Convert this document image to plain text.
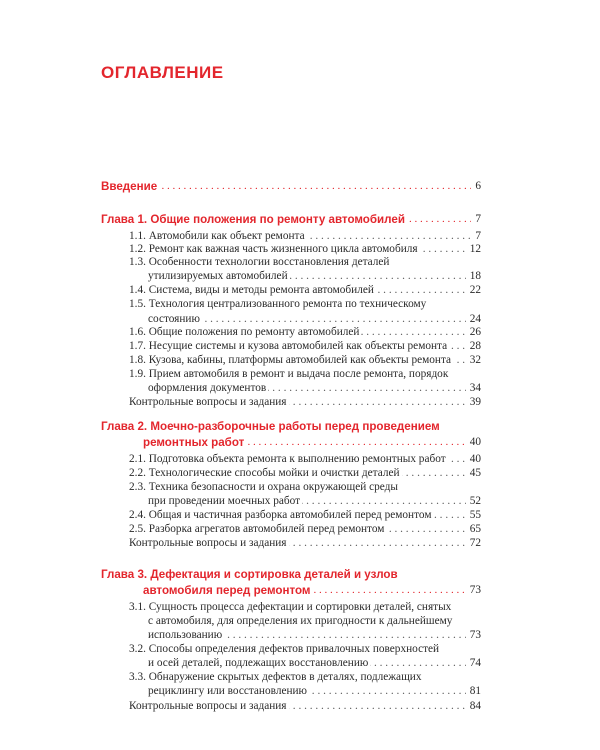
ОГЛАВЛЕНИЕ
Введение	6
. . .
Глава 1. Общие положения по ремонту автомобилей	7
. . .
1.1. Автомобили как объект ремонта	7
. . .
1.2. Ремонт как важная часть жизненного цикла автомобиля	12
. . .
1.3. Особенности технологии восстановления деталей
утилизируемых автомобилей	18
. . .
1.4. Система, виды и методы ремонта автомобилей	22
. . .
1.5. Технология централизованного ремонта по техническому
состоянию	24
. . .
1.6. Общие положения по ремонту автомобилей	26
. . .
1.7. Несущие системы и кузова автомобилей как объекты ремонта	28
. . .
1.8. Кузова, кабины, платформы автомобилей как объекты ремонта	32
. . .
1.9. Прием автомобиля в ремонт и выдача после ремонта, порядок
оформления документов	34
. . .
Контрольные вопросы и задания	39
. . .
Глава 2. Моечно-разборочные работы перед проведением
ремонтных работ	40
. . .
2.1. Подготовка объекта ремонта к выполнению ремонтных работ	40
. . .
2.2. Технологические способы мойки и очистки деталей	45
. . .
2.3. Техника безопасности и охрана окружающей среды
при проведении моечных работ	52
. . .
2.4. Общая и частичная разборка автомобилей перед ремонтом	55
. . .
2.5. Разборка агрегатов автомобилей перед ремонтом	65
. . .
Контрольные вопросы и задания	72
. . .
Глава 3. Дефектация и сортировка деталей и узлов
автомобиля перед ремонтом	73
. . .
3.1. Сущность процесса дефектации и сортировки деталей, снятых
с автомобиля, для определения их пригодности к дальнейшему
использованию	73
. . .
3.2. Способы определения дефектов привалочных поверхностей
и осей деталей, подлежащих восстановлению	74
. . .
3.3. Обнаружение скрытых дефектов в деталях, подлежащих
рециклингу или восстановлению	81
. . .
Контрольные вопросы и задания	84
. . .
